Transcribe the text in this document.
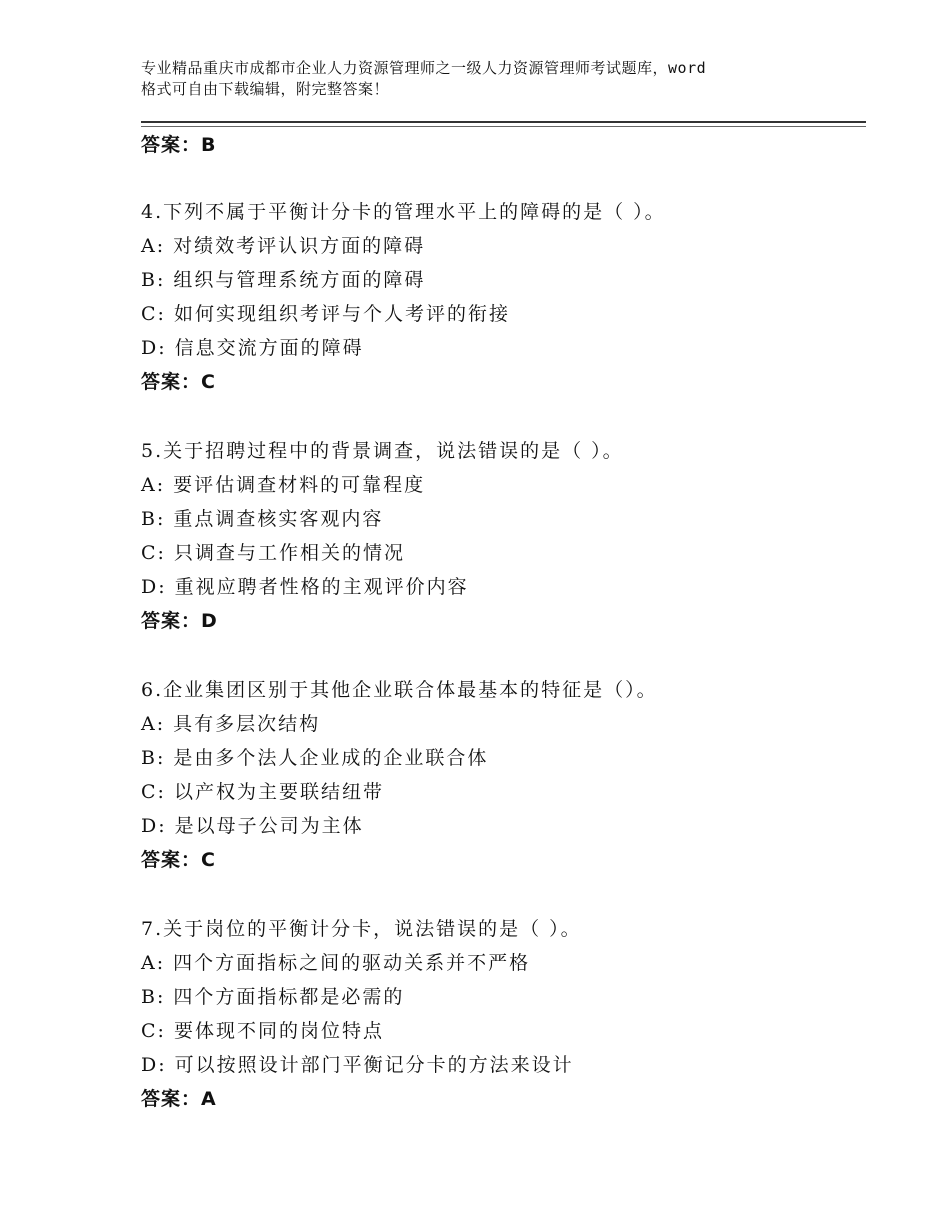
专业精品重庆市成都市企业人力资源管理师之一级人力资源管理师考试题库，word
格式可自由下载编辑，附完整答案！
答案：B
4.下列不属于平衡计分卡的管理水平上的障碍的是（ ）。
A: 对绩效考评认识方面的障碍
B: 组织与管理系统方面的障碍
C: 如何实现组织考评与个人考评的衔接
D: 信息交流方面的障碍
答案：C
5.关于招聘过程中的背景调查，说法错误的是（ ）。
A: 要评估调查材料的可靠程度
B: 重点调查核实客观内容
C: 只调查与工作相关的情况
D: 重视应聘者性格的主观评价内容
答案：D
6.企业集团区别于其他企业联合体最基本的特征是（）。
A: 具有多层次结构
B: 是由多个法人企业成的企业联合体
C: 以产权为主要联结纽带
D: 是以母子公司为主体
答案：C
7.关于岗位的平衡计分卡，说法错误的是（ ）。
A: 四个方面指标之间的驱动关系并不严格
B: 四个方面指标都是必需的
C: 要体现不同的岗位特点
D: 可以按照设计部门平衡记分卡的方法来设计
答案：A
